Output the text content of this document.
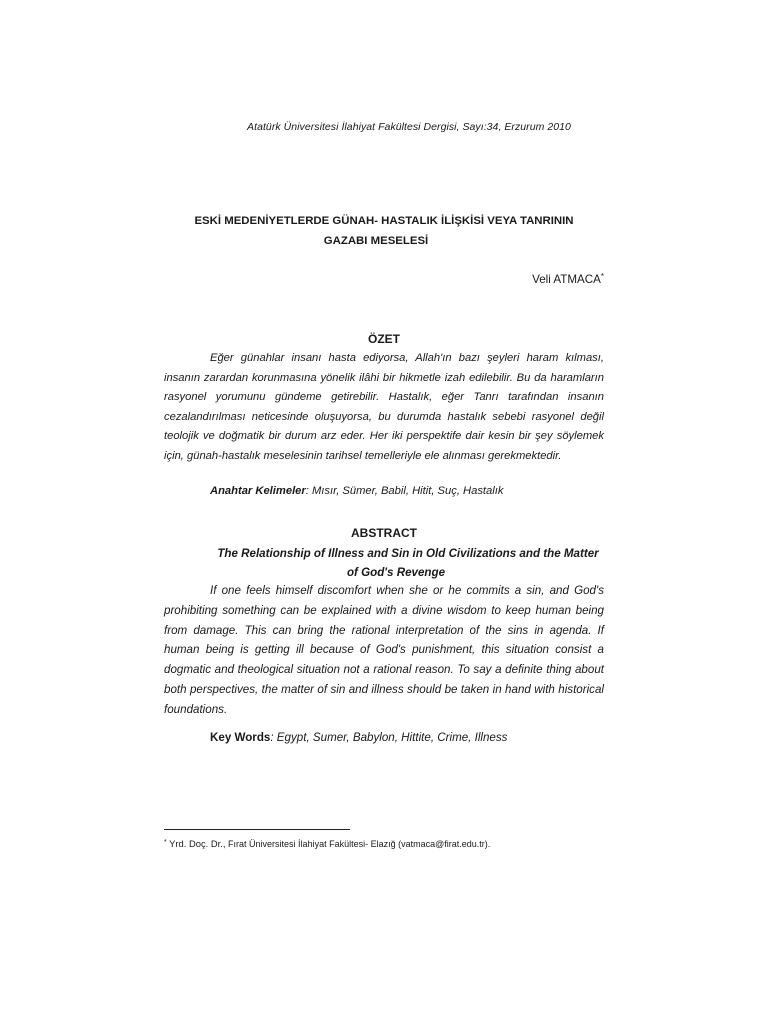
Atatürk Üniversitesi İlahiyat Fakültesi Dergisi, Sayı:34, Erzurum 2010
ESKİ MEDENİYETLERDE GÜNAH- HASTALIK İLİŞKİSİ VEYA TANRININ
GAZABI MESELESİ
Veli ATMACA*
ÖZET

Eğer günahlar insanı hasta ediyorsa, Allah'ın bazı şeyleri haram kılması, insanın zarardan korunmasına yönelik ilâhi bir hikmetle izah edilebilir. Bu da haramların rasyonel yorumunu gündeme getirebilir. Hastalık, eğer Tanrı tarafından insanın cezalandırılması neticesinde oluşuyorsa, bu durumda hastalık sebebi rasyonel değil teolojik ve doğmatik bir durum arz eder. Her iki perspektife dair kesin bir şey söylemek için, günah-hastalık meselesinin tarihsel temelleriyle ele alınması gerekmektedir.

Anahtar Kelimeler: Mısır, Sümer, Babil, Hitit, Suç, Hastalık
ABSTRACT
The Relationship of Illness and Sin in Old Civilizations and the Matter
of God's Revenge

If one feels himself discomfort when she or he commits a sin, and God's prohibiting something can be explained with a divine wisdom to keep human being from damage. This can bring the rational interpretation of the sins in agenda. If human being is getting ill because of God's punishment, this situation consist a dogmatic and theological situation not a rational reason. To say a definite thing about both perspectives, the matter of sin and illness should be taken in hand with historical foundations.

Key Words: Egypt, Sumer, Babylon, Hittite, Crime, Illness
* Yrd. Doç. Dr., Fırat Üniversitesi İlahiyat Fakültesi- Elazığ (vatmaca@firat.edu.tr).
